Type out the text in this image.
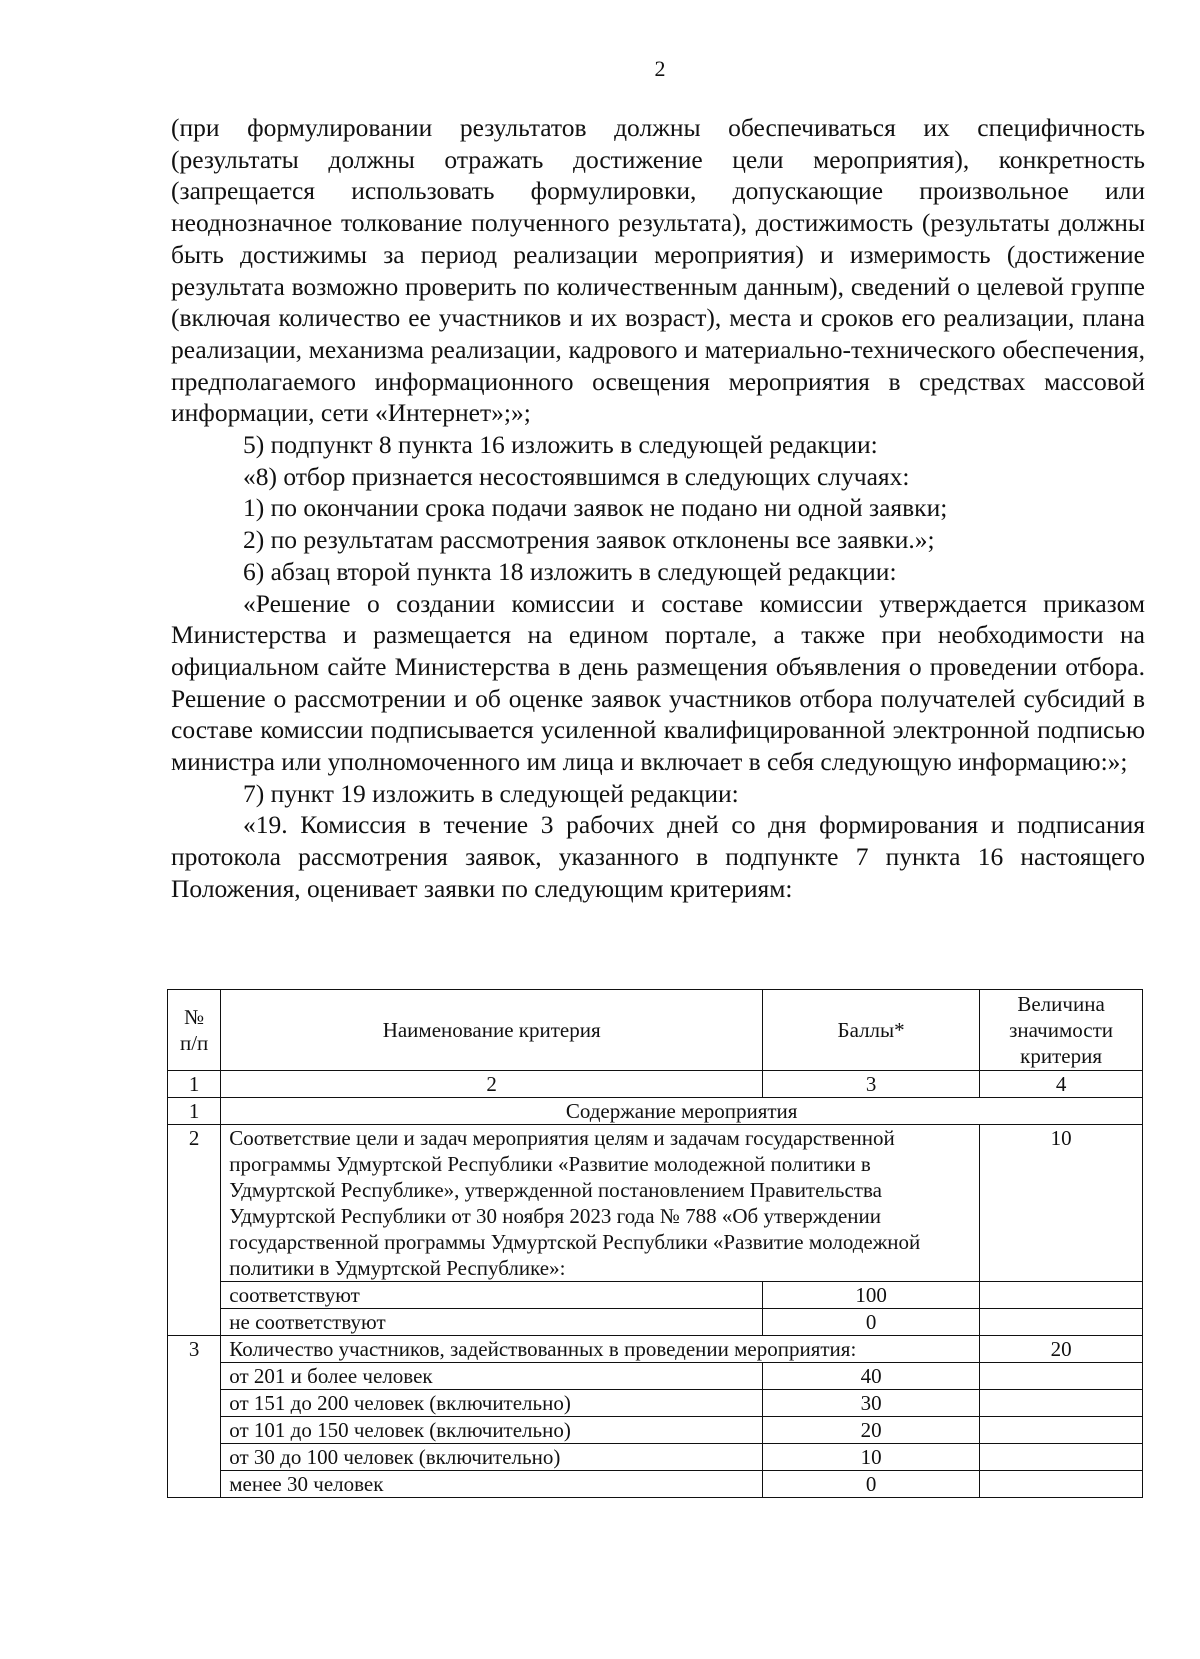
2

(при формулировании результатов должны обеспечиваться их специфичность (результаты должны отражать достижение цели мероприятия), конкретность (запрещается использовать формулировки, допускающие произвольное или неоднозначное толкование полученного результата), достижимость (результаты должны быть достижимы за период реализации мероприятия) и измеримость (достижение результата возможно проверить по количественным данным), сведений о целевой группе (включая количество ее участников и их возраст), места и сроков его реализации, плана реализации, механизма реализации, кадрового и материально-технического обеспечения, предполагаемого информационного освещения мероприятия в средствах массовой информации, сети «Интернет»;»;

5) подпункт 8 пункта 16 изложить в следующей редакции:

«8) отбор признается несостоявшимся в следующих случаях:

1) по окончании срока подачи заявок не подано ни одной заявки;

2) по результатам рассмотрения заявок отклонены все заявки.»;

6) абзац второй пункта 18 изложить в следующей редакции:

«Решение о создании комиссии и составе комиссии утверждается приказом Министерства и размещается на едином портале, а также при необходимости на официальном сайте Министерства в день размещения объявления о проведении отбора. Решение о рассмотрении и об оценке заявок участников отбора получателей субсидий в составе комиссии подписывается усиленной квалифицированной электронной подписью министра или уполномоченного им лица и включает в себя следующую информацию:»;

7) пункт 19 изложить в следующей редакции:

«19. Комиссия в течение 3 рабочих дней со дня формирования и подписания протокола рассмотрения заявок, указанного в подпункте 7 пункта 16 настоящего Положения, оценивает заявки по следующим критериям:

№ п/п	Наименование критерия	Баллы*	Величина значимости критерия
1	2	3	4
1	Содержание мероприятия		
2	Соответствие цели и задач мероприятия целям и задачам государственной программы Удмуртской Республики «Развитие молодежной политики в Удмуртской Республике», утвержденной постановлением Правительства Удмуртской Республики от 30 ноября 2023 года № 788 «Об утверждении государственной программы Удмуртской Республики «Развитие молодежной политики в Удмуртской Республике»:		10
	соответствуют	100	
	не соответствуют	0	
3	Количество участников, задействованных в проведении мероприятия:		20
	от 201 и более человек	40	
	от 151 до 200 человек (включительно)	30	
	от 101 до 150 человек (включительно)	20	
	от 30 до 100 человек (включительно)	10	
	менее 30 человек	0	
